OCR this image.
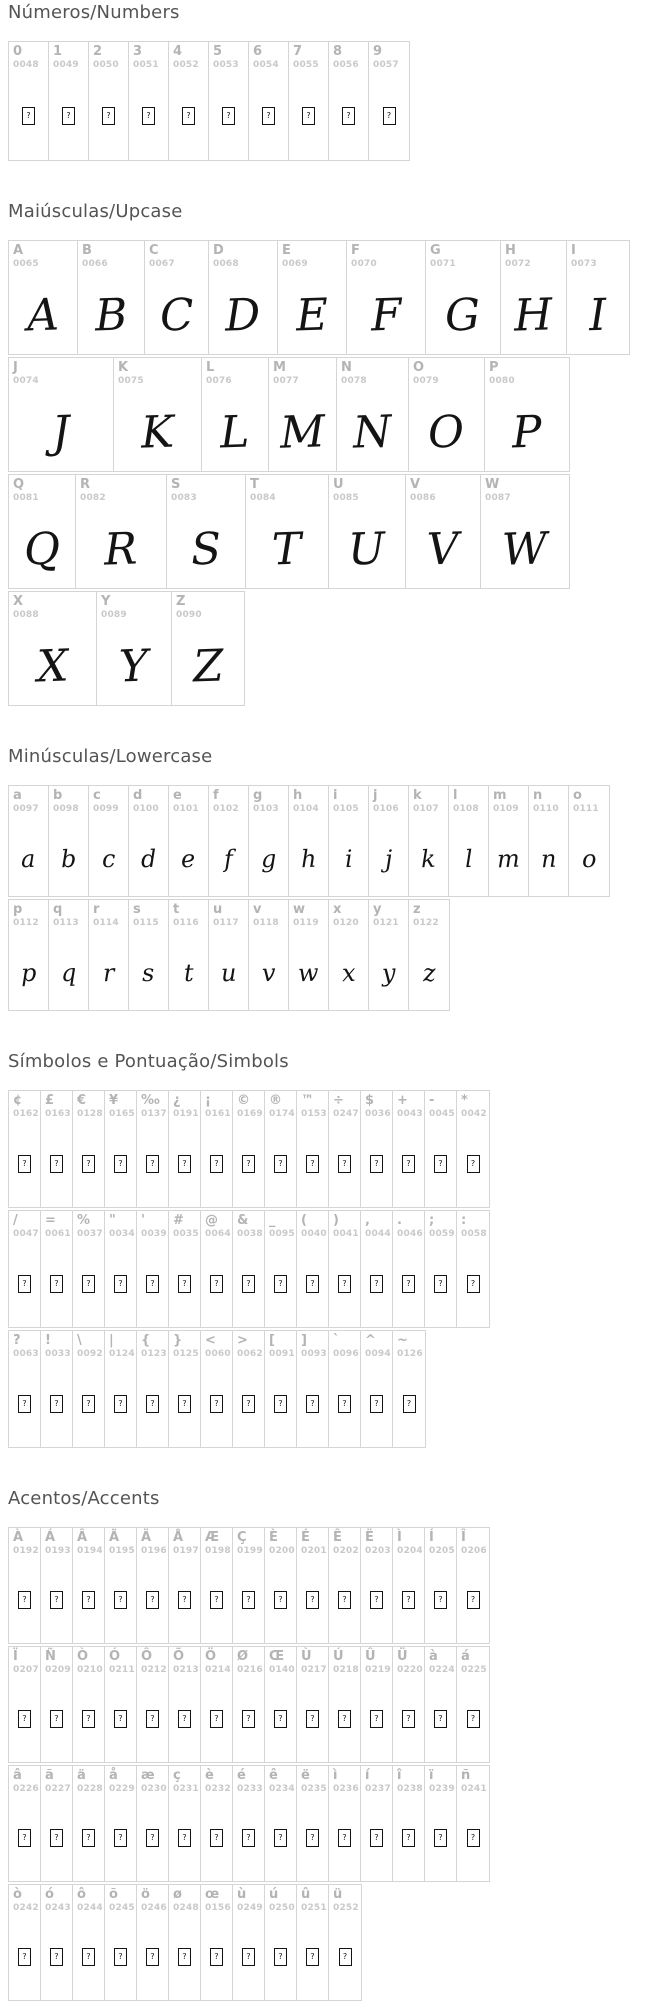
Números/Numbers
0
0048
?
1
0049
?
2
0050
?
3
0051
?
4
0052
?
5
0053
?
6
0054
?
7
0055
?
8
0056
?
9
0057
?
Maiúsculas/Upcase
A
0065
A
B
0066
B
C
0067
C
D
0068
D
E
0069
E
F
0070
F
G
0071
G
H
0072
H
I
0073
I
J
0074
J
K
0075
K
L
0076
L
M
0077
M
N
0078
N
O
0079
O
P
0080
P
Q
0081
Q
R
0082
R
S
0083
S
T
0084
T
U
0085
U
V
0086
V
W
0087
W
X
0088
X
Y
0089
Y
Z
0090
Z
Minúsculas/Lowercase
a
0097
a
b
0098
b
c
0099
c
d
0100
d
e
0101
e
f
0102
f
g
0103
g
h
0104
h
i
0105
i
j
0106
j
k
0107
k
l
0108
l
m
0109
m
n
0110
n
o
0111
o
p
0112
p
q
0113
q
r
0114
r
s
0115
s
t
0116
t
u
0117
u
v
0118
v
w
0119
w
x
0120
x
y
0121
y
z
0122
z
Símbolos e Pontuação/Simbols
¢
0162
?
£
0163
?
€
0128
?
¥
0165
?
‰
0137
?
¿
0191
?
¡
0161
?
©
0169
?
®
0174
?
™
0153
?
÷
0247
?
$
0036
?
+
0043
?
-
0045
?
*
0042
?
/
0047
?
=
0061
?
%
0037
?
"
0034
?
'
0039
?
#
0035
?
@
0064
?
&
0038
?
_
0095
?
(
0040
?
)
0041
?
,
0044
?
.
0046
?
;
0059
?
:
0058
?
?
0063
?
!
0033
?
\
0092
?
|
0124
?
{
0123
?
}
0125
?
<
0060
?
>
0062
?
[
0091
?
]
0093
?
`
0096
?
^
0094
?
~
0126
?
Acentos/Accents
À
0192
?
Á
0193
?
Â
0194
?
Ã
0195
?
Ä
0196
?
Å
0197
?
Æ
0198
?
Ç
0199
?
È
0200
?
É
0201
?
Ê
0202
?
Ë
0203
?
Ì
0204
?
Í
0205
?
Î
0206
?
Ï
0207
?
Ñ
0209
?
Ò
0210
?
Ó
0211
?
Ô
0212
?
Õ
0213
?
Ö
0214
?
Ø
0216
?
Œ
0140
?
Ù
0217
?
Ú
0218
?
Û
0219
?
Ü
0220
?
à
0224
?
á
0225
?
â
0226
?
ã
0227
?
ä
0228
?
å
0229
?
æ
0230
?
ç
0231
?
è
0232
?
é
0233
?
ê
0234
?
ë
0235
?
ì
0236
?
í
0237
?
î
0238
?
ï
0239
?
ñ
0241
?
ò
0242
?
ó
0243
?
ô
0244
?
õ
0245
?
ö
0246
?
ø
0248
?
œ
0156
?
ù
0249
?
ú
0250
?
û
0251
?
ü
0252
?
